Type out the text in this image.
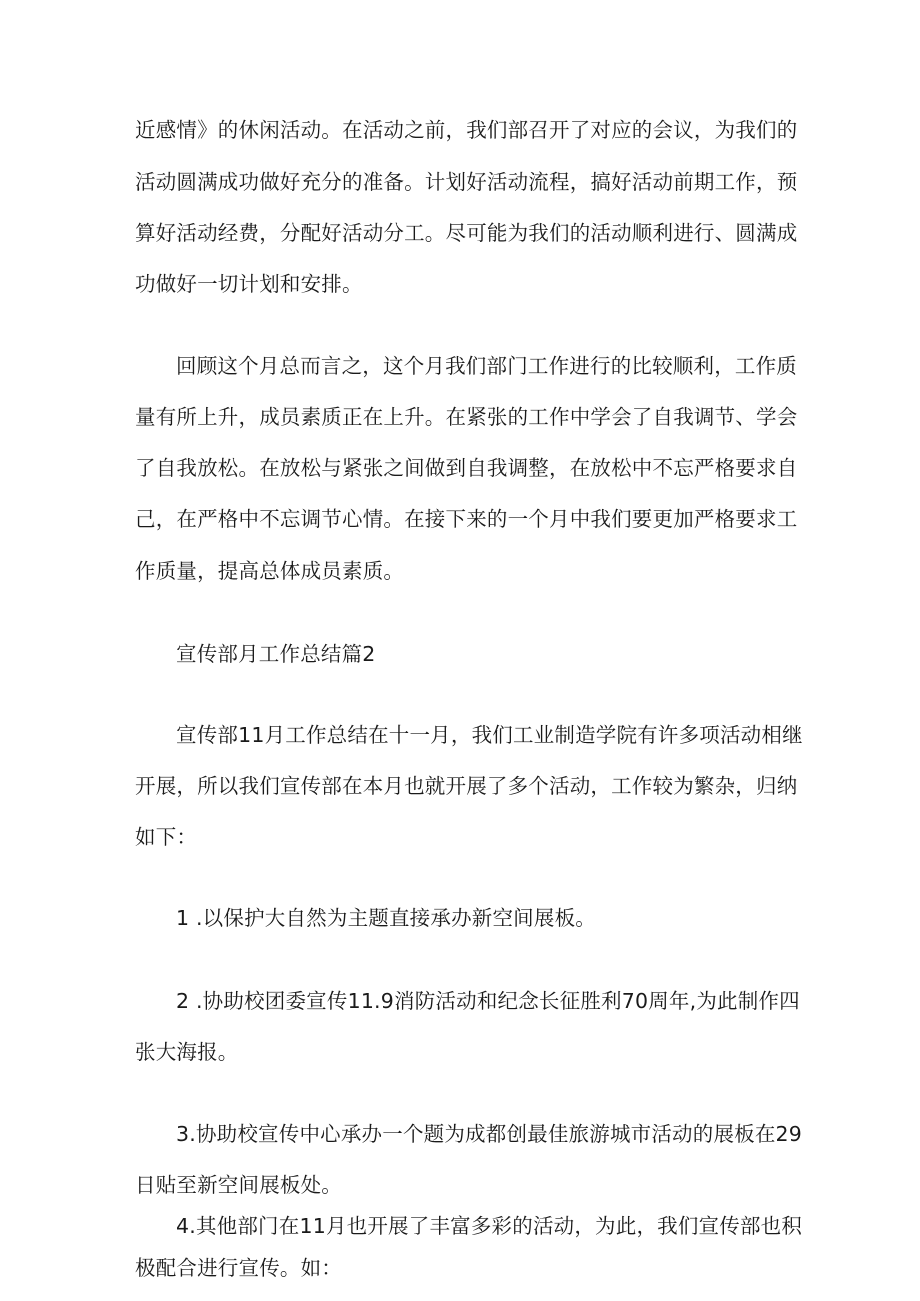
近感情》的休闲活动。在活动之前，我们部召开了对应的会议，为我们的
活动圆满成功做好充分的准备。计划好活动流程，搞好活动前期工作，预
算好活动经费，分配好活动分工。尽可能为我们的活动顺利进行、圆满成
功做好一切计划和安排。
回顾这个月总而言之，这个月我们部门工作进行的比较顺利，工作质
量有所上升，成员素质正在上升。在紧张的工作中学会了自我调节、学会
了自我放松。在放松与紧张之间做到自我调整，在放松中不忘严格要求自
己，在严格中不忘调节心情。在接下来的一个月中我们要更加严格要求工
作质量，提高总体成员素质。
宣传部月工作总结篇2
宣传部11月工作总结在十一月，我们工业制造学院有许多项活动相继
开展，所以我们宣传部在本月也就开展了多个活动，工作较为繁杂，归纳
如下：
1 .以保护大自然为主题直接承办新空间展板。
2 .协助校团委宣传11.9消防活动和纪念长征胜利70周年,为此制作四
张大海报。
3.协助校宣传中心承办一个题为成都创最佳旅游城市活动的展板在29
日贴至新空间展板处。
4.其他部门在11月也开展了丰富多彩的活动，为此，我们宣传部也积
极配合进行宣传。如：
